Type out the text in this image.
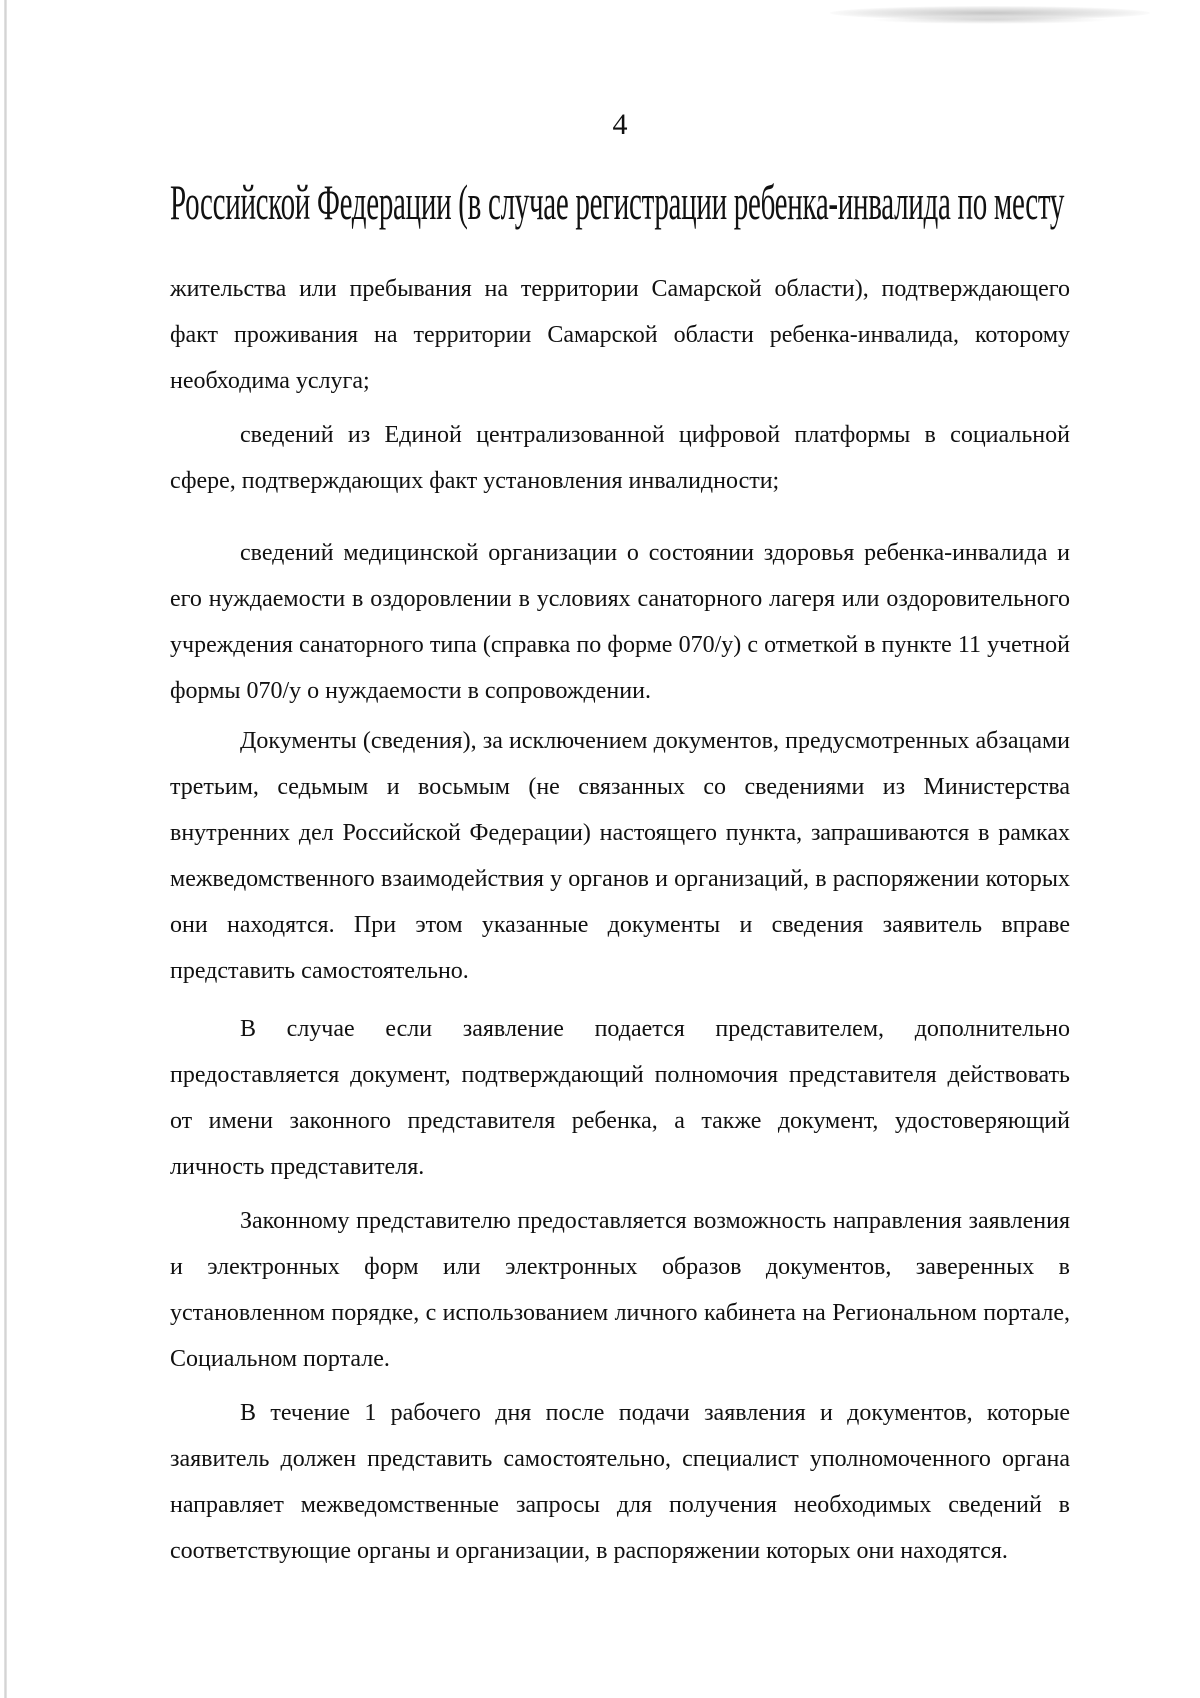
4
Российской Федерации (в случае регистрации ребенка-инвалида по месту

жительства или пребывания на территории Самарской области), подтверждающего факт проживания на территории Самарской области ребенка-инвалида, которому необходима услуга;

сведений из Единой централизованной цифровой платформы в социальной сфере, подтверждающих факт установления инвалидности;

сведений медицинской организации о состоянии здоровья ребенка-инвалида и его нуждаемости в оздоровлении в условиях санаторного лагеря или оздоровительного учреждения санаторного типа (справка по форме 070/у) с отметкой в пункте 11 учетной формы 070/у о нуждаемости в сопровождении.

Документы (сведения), за исключением документов, предусмотренных абзацами третьим, седьмым и восьмым (не связанных со сведениями из Министерства внутренних дел Российской Федерации) настоящего пункта, запрашиваются в рамках межведомственного взаимодействия у органов и организаций, в распоряжении которых они находятся. При этом указанные документы и сведения заявитель вправе представить самостоятельно.

В случае если заявление подается представителем, дополнительно предоставляется документ, подтверждающий полномочия представителя действовать от имени законного представителя ребенка, а также документ, удостоверяющий личность представителя.

Законному представителю предоставляется возможность направления заявления и электронных форм или электронных образов документов, заверенных в установленном порядке, с использованием личного кабинета на Региональном портале, Социальном портале.

В течение 1 рабочего дня после подачи заявления и документов, которые заявитель должен представить самостоятельно, специалист уполномоченного органа направляет межведомственные запросы для получения необходимых сведений в соответствующие органы и организации, в распоряжении которых они находятся.
